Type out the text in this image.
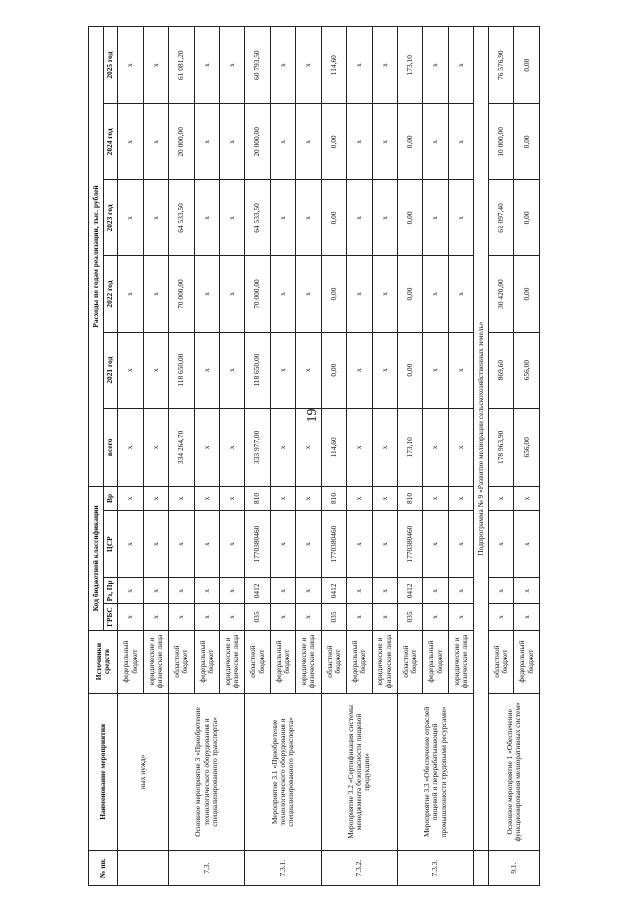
19
№ пп.	Наименование мероприятия	Источники средств	Код бюджетной классификации				Расходы по годам реализации, тыс. рублей					
			ГРБС	Рз, Пр	ЦСР	Вр	всего	2021 год	2022 год	2023 год	2024 год	2025 год
	ных нужд»	федеральный бюджет	x	x	x	x	x	x	x	x	x	x
		юридические и физические лица	x	x	x	x	x	x	x	x	x	x
7.3.	Основное мероприятие 3 «Приобретение технологического оборудования и специализированного транспорта»	областной бюджет	x	x	x	x	334 264,70	118 650,00	70 000,00	64 533,50	20 000,00	61 081,20
		федеральный бюджет	x	x	x	x	x	x	x	x	x	x
		юридические и физические лица	x	x	x	x	x	x	x	x	x	x
7.3.1.	Мероприятие 3.1 «Приобретение технологического оборудования и специализированного транспорта»	областной бюджет	035	0412	1770380460	810	333 977,00	118 650,00	70 000,00	64 533,50	20 000,00	60 793,50
		федеральный бюджет	x	x	x	x	x	x	x	x	x	x
		юридические и физические лица	x	x	x	x	x	x	x	x	x	x
7.3.2.	Мероприятие 3.2 «Сертификация системы менеджмента безопасности пищевой продукции»	областной бюджет	035	0412	1770380460	810	114,60	0,00	0,00	0,00	0,00	114,60
		федеральный бюджет	x	x	x	x	x	x	x	x	x	x
		юридические и физические лица	x	x	x	x	x	x	x	x	x	x
7.3.3.	Мероприятие 3.3 «Обеспечение отраслей пищевой и перерабатывающей промышленности трудовыми ресурсами»	областной бюджет	035	0412	1770380460	810	173,10	0,00	0,00	0,00	0,00	173,10
		федеральный бюджет	x	x	x	x	x	x	x	x	x	x
		юридические и физические лица	x	x	x	x	x	x	x	x	x	x
	Подпрограмма № 9 «Развитие мелиорации сельскохозяйственных земель»											
9.1.	Основное мероприятие 1 «Обеспечение функционирования мелиоративных систем»	областной бюджет	x	x	x	x	178 963,90	869,60	30 420,00	61 097,40	10 000,00	76 576,90
		федеральный бюджет	x	x	x	x	656,00	656,00	0,00	0,00	0,00	0,00
